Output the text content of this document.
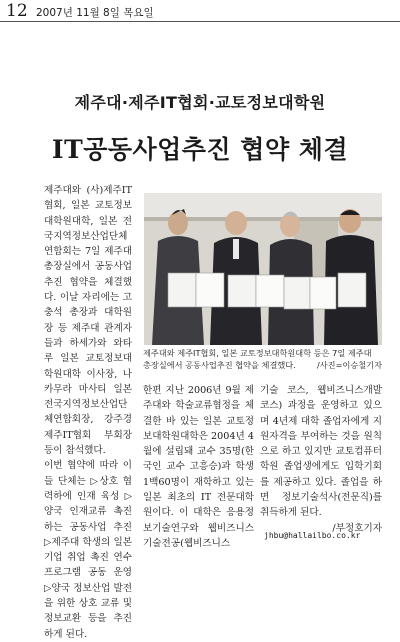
12 2007년 11월 8일 목요일
제주대·제주IT협회·교토정보대학원
IT공동사업추진 협약 체결

제주대와 (사)제주IT협회, 일본 교토정보대학원대학, 일본 전국지역정보산업단체연합회는 7일 제주대 총장실에서 공동사업추진 협약을 체결했다. 이날 자리에는 고충석 총장과 대학원장 등 제주대 관계자들과 하세가와 와타루 일본 교토정보대학원대학 이사장, 나카무라 마사티 일본 전국지역정보산업단체연합회장, 강주경 제주IT협회 부회장 등이 참석했다.

이번 협약에 따라 이들 단체는 ▷상호 협력하에 인재 육성 ▷양국 인재교류 촉진하는 공동사업 추진 ▷제주대 학생의 일본 기업 취업 촉진 연수프로그램 공동 운영 ▷양국 정보산업 발전을 위한 상호 교류 및 정보교환 등을 추진하게 된다.

제주대와 제주IT협회, 일본 교토정보대학원대학 등은 7일 제주대 총장실에서 공동사업추진 협약을 체결했다.	/사진=이승철기자

한편 지난 2006년 9월 제주대와 학술교류협정을 체결한 바 있는 일본 교토정보대학원대학은 2004년 4월에 설립돼 교수 35명(한국인 교수 고흥승)과 학생 1백60명이 재학하고 있는 일본 최초의 IT 전문대학원이다. 이 대학은 응용정보기술연구와 웹비즈니스기술전공(웹비즈니스

기술 코스, 웹비즈니스개발 코스) 과정을 운영하고 있으며 4년제 대학 졸업자에게 지원자격을 부여하는 것을 원칙으로 하고 있지만 교토컴퓨터학원 졸업생에게도 입학기회를 제공하고 있다. 졸업을 하면 정보기술석사(전문직)를 취득하게 된다.

/부정호기자

jhbu@hallailbo.co.kr
